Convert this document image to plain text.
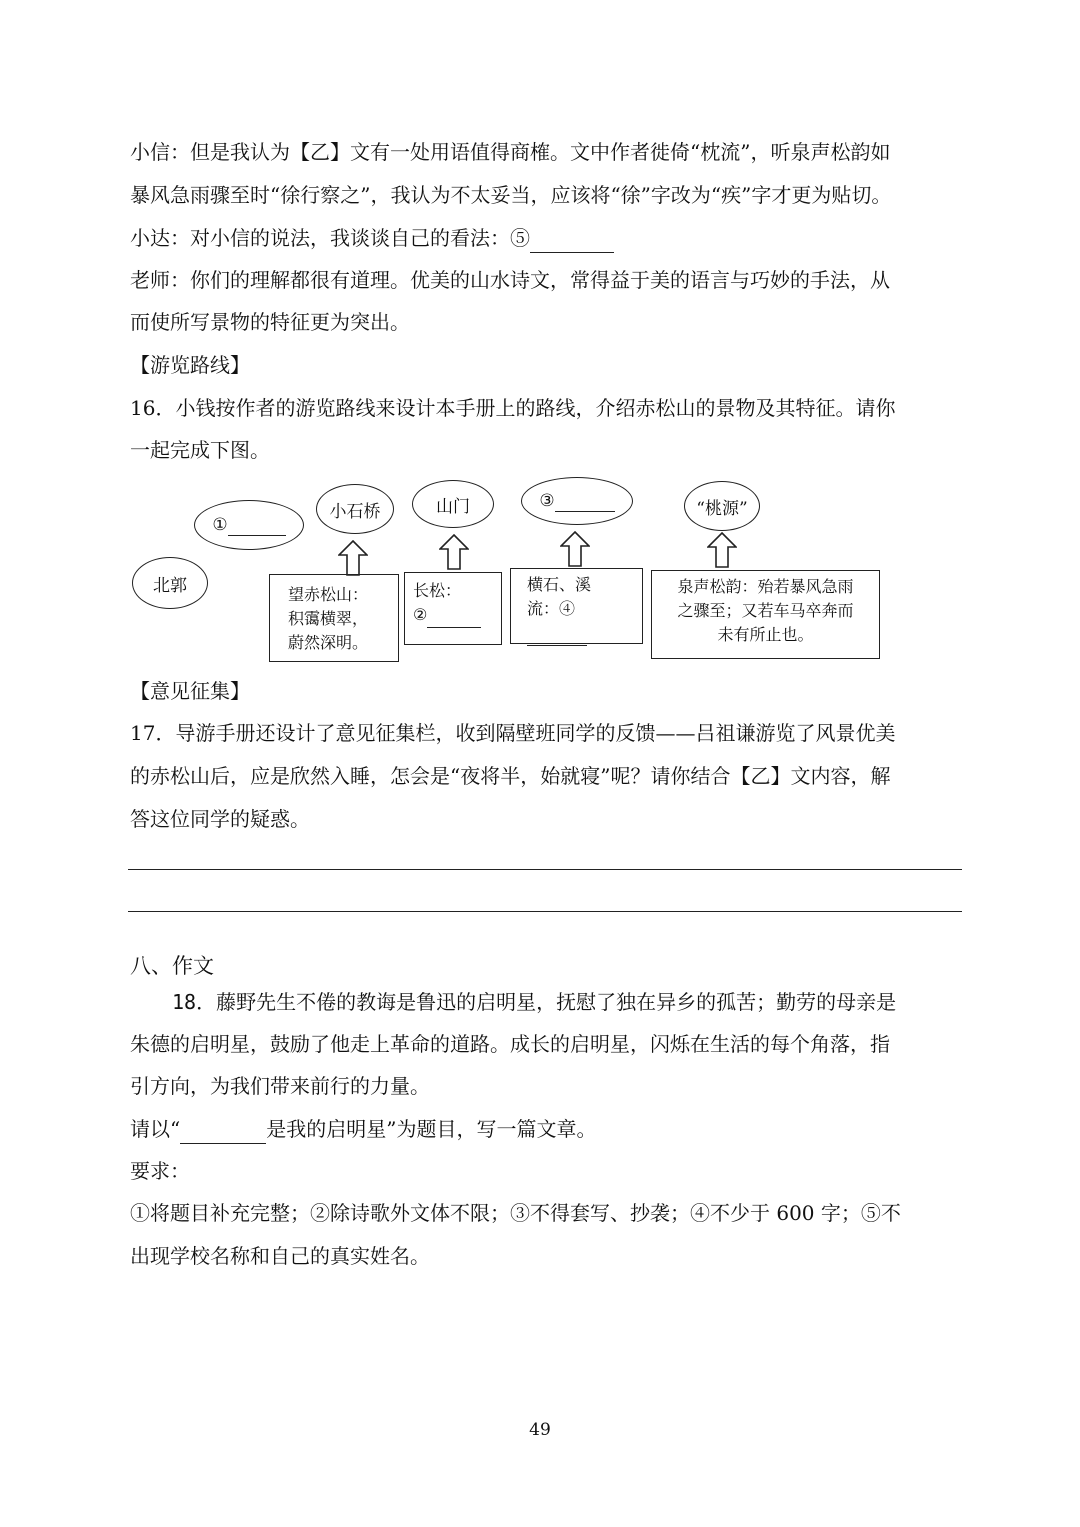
小信：但是我认为【乙】文有一处用语值得商榷。文中作者徙倚“枕流”，听泉声松韵如
暴风急雨骤至时“徐行察之”，我认为不太妥当，应该将“徐”字改为“疾”字才更为贴切。
小达：对小信的说法，我谈谈自己的看法：⑤
老师：你们的理解都很有道理。优美的山水诗文，常得益于美的语言与巧妙的手法，从
而使所写景物的特征更为突出。
【游览路线】
16．小钱按作者的游览路线来设计本手册上的路线，介绍赤松山的景物及其特征。请你
一起完成下图。
北郭
①

小石桥	山门	③
	“桃源”
望赤松山：
积霭横翠，
蔚然深明。
长松：
②
横石、溪
流：④
泉声松韵：殆若暴风急雨
之骤至；又若车马卒奔而
未有所止也。
【意见征集】
17．导游手册还设计了意见征集栏，收到隔壁班同学的反馈——吕祖谦游览了风景优美
的赤松山后，应是欣然入睡，怎会是“夜将半，始就寝”呢？请你结合【乙】文内容，解
答这位同学的疑惑。
八、作文
18．藤野先生不倦的教诲是鲁迅的启明星，抚慰了独在异乡的孤苦；勤劳的母亲是
朱德的启明星，鼓励了他走上革命的道路。成长的启明星，闪烁在生活的每个角落，指
引方向，为我们带来前行的力量。
请以“	是我的启明星”为题目，写一篇文章。
要求：
①将题目补充完整；②除诗歌外文体不限；③不得套写、抄袭；④不少于 600 字；⑤不
出现学校名称和自己的真实姓名。
49
